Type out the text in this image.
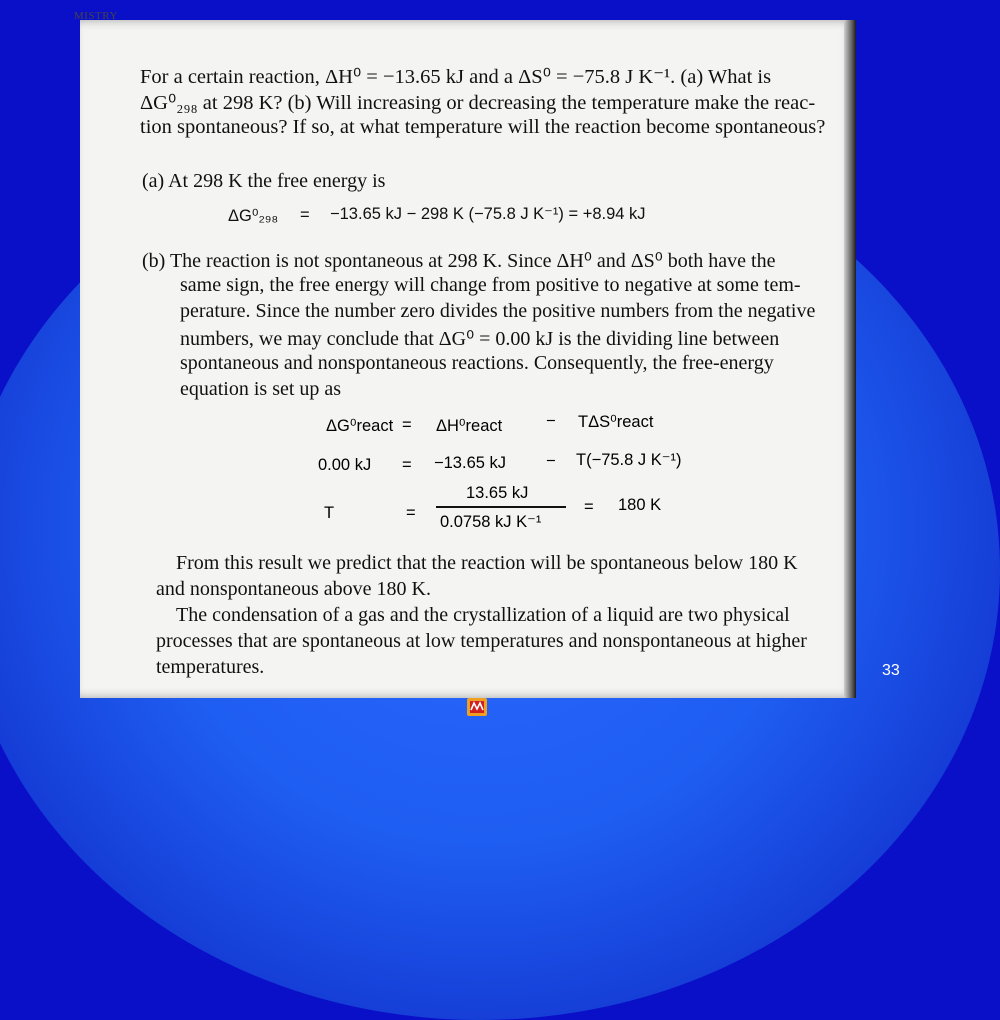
MISTRY
For a certain reaction, ΔH⁰ = −13.65 kJ and a ΔS⁰ = −75.8 J K⁻¹. (a) What is
ΔG⁰₂₉₈ at 298 K? (b) Will increasing or decreasing the temperature make the reac-
tion spontaneous? If so, at what temperature will the reaction become spontaneous?
(a) At 298 K the free energy is
ΔG⁰₂₉₈ = −13.65 kJ − 298 K (−75.8 J K⁻¹) = +8.94 kJ
(b) The reaction is not spontaneous at 298 K. Since ΔH⁰ and ΔS⁰ both have the
same sign, the free energy will change from positive to negative at some tem-
perature. Since the number zero divides the positive numbers from the negative
numbers, we may conclude that ΔG⁰ = 0.00 kJ is the dividing line between
spontaneous and nonspontaneous reactions. Consequently, the free-energy
equation is set up as
ΔG⁰react = ΔH⁰react	− TΔS⁰react
0.00 kJ = −13.65 kJ − T(−75.8 J K⁻¹)
T	=
13.65 kJ
0.0758 kJ K⁻¹
= 180 K
From this result we predict that the reaction will be spontaneous below 180 K
and nonspontaneous above 180 K.
The condensation of a gas and the crystallization of a liquid are two physical
processes that are spontaneous at low temperatures and nonspontaneous at higher
temperatures.	33
